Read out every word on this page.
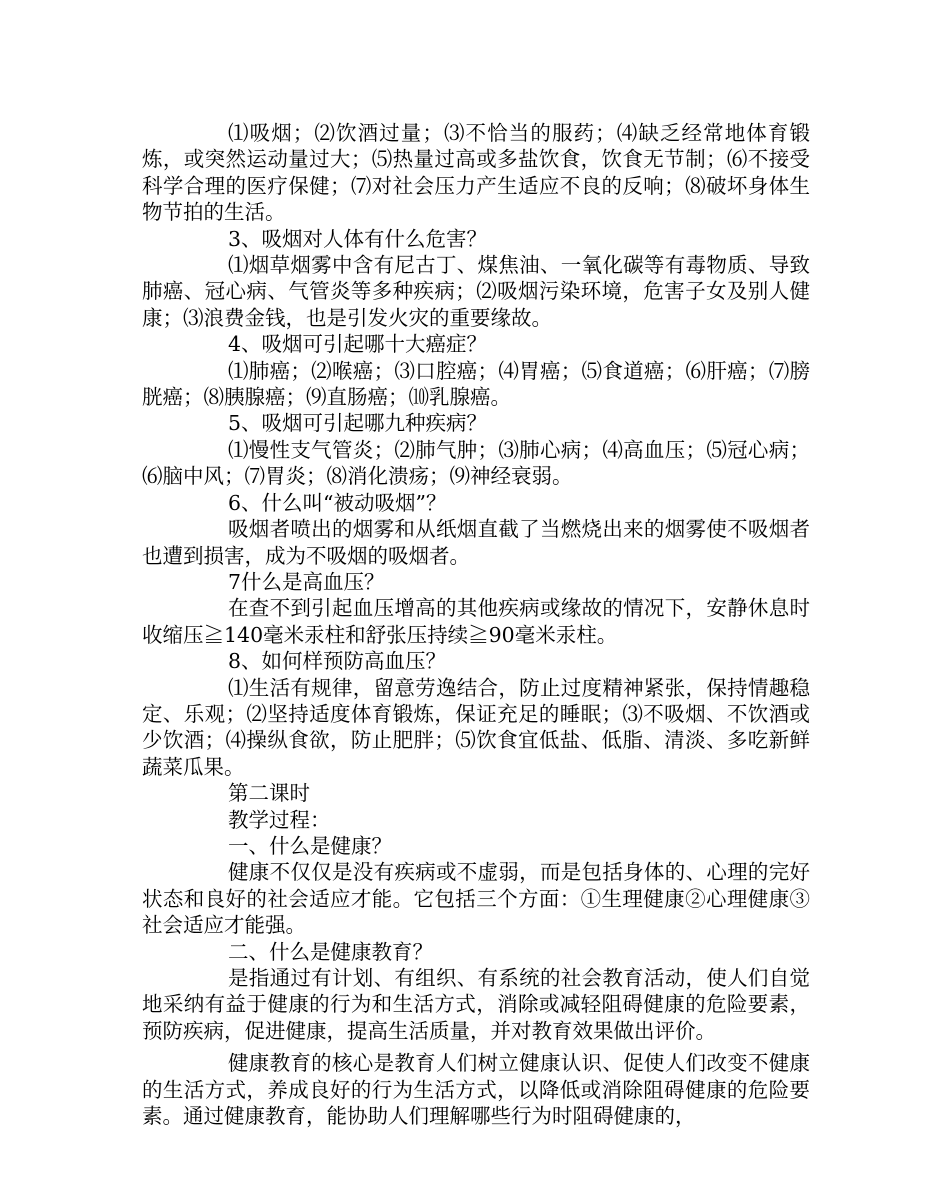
⑴吸烟；⑵饮酒过量；⑶不恰当的服药；⑷缺乏经常地体育锻炼，或突然运动量过大；⑸热量过高或多盐饮食，饮食无节制；⑹不接受科学合理的医疗保健；⑺对社会压力产生适应不良的反响；⑻破坏身体生物节拍的生活。

3、吸烟对人体有什么危害？

⑴烟草烟雾中含有尼古丁、煤焦油、一氧化碳等有毒物质、导致肺癌、冠心病、气管炎等多种疾病；⑵吸烟污染环境，危害子女及别人健康；⑶浪费金钱，也是引发火灾的重要缘故。

4、吸烟可引起哪十大癌症？

⑴肺癌；⑵喉癌；⑶口腔癌；⑷胃癌；⑸食道癌；⑹肝癌；⑺膀胱癌；⑻胰腺癌；⑼直肠癌；⑽乳腺癌。

5、吸烟可引起哪九种疾病？

⑴慢性支气管炎；⑵肺气肿；⑶肺心病；⑷高血压；⑸冠心病；⑹脑中风；⑺胃炎；⑻消化溃疡；⑼神经衰弱。

6、什么叫“被动吸烟”？

吸烟者喷出的烟雾和从纸烟直截了当燃烧出来的烟雾使不吸烟者也遭到损害，成为不吸烟的吸烟者。

7什么是高血压？

在查不到引起血压增高的其他疾病或缘故的情况下，安静休息时收缩压≧140毫米汞柱和舒张压持续≧90毫米汞柱。

8、如何样预防高血压？

⑴生活有规律，留意劳逸结合，防止过度精神紧张，保持情趣稳定、乐观；⑵坚持适度体育锻炼，保证充足的睡眠；⑶不吸烟、不饮酒或少饮酒；⑷操纵食欲，防止肥胖；⑸饮食宜低盐、低脂、清淡、多吃新鲜蔬菜瓜果。

第二课时

教学过程：

一、什么是健康？

健康不仅仅是没有疾病或不虚弱，而是包括身体的、心理的完好状态和良好的社会适应才能。它包括三个方面：①生理健康②心理健康③社会适应才能强。

二、什么是健康教育？

是指通过有计划、有组织、有系统的社会教育活动，使人们自觉地采纳有益于健康的行为和生活方式，消除或减轻阻碍健康的危险要素，预防疾病，促进健康，提高生活质量，并对教育效果做出评价。

健康教育的核心是教育人们树立健康认识、促使人们改变不健康的生活方式，养成良好的行为生活方式，以降低或消除阻碍健康的危险要素。通过健康教育，能协助人们理解哪些行为时阻碍健康的，
